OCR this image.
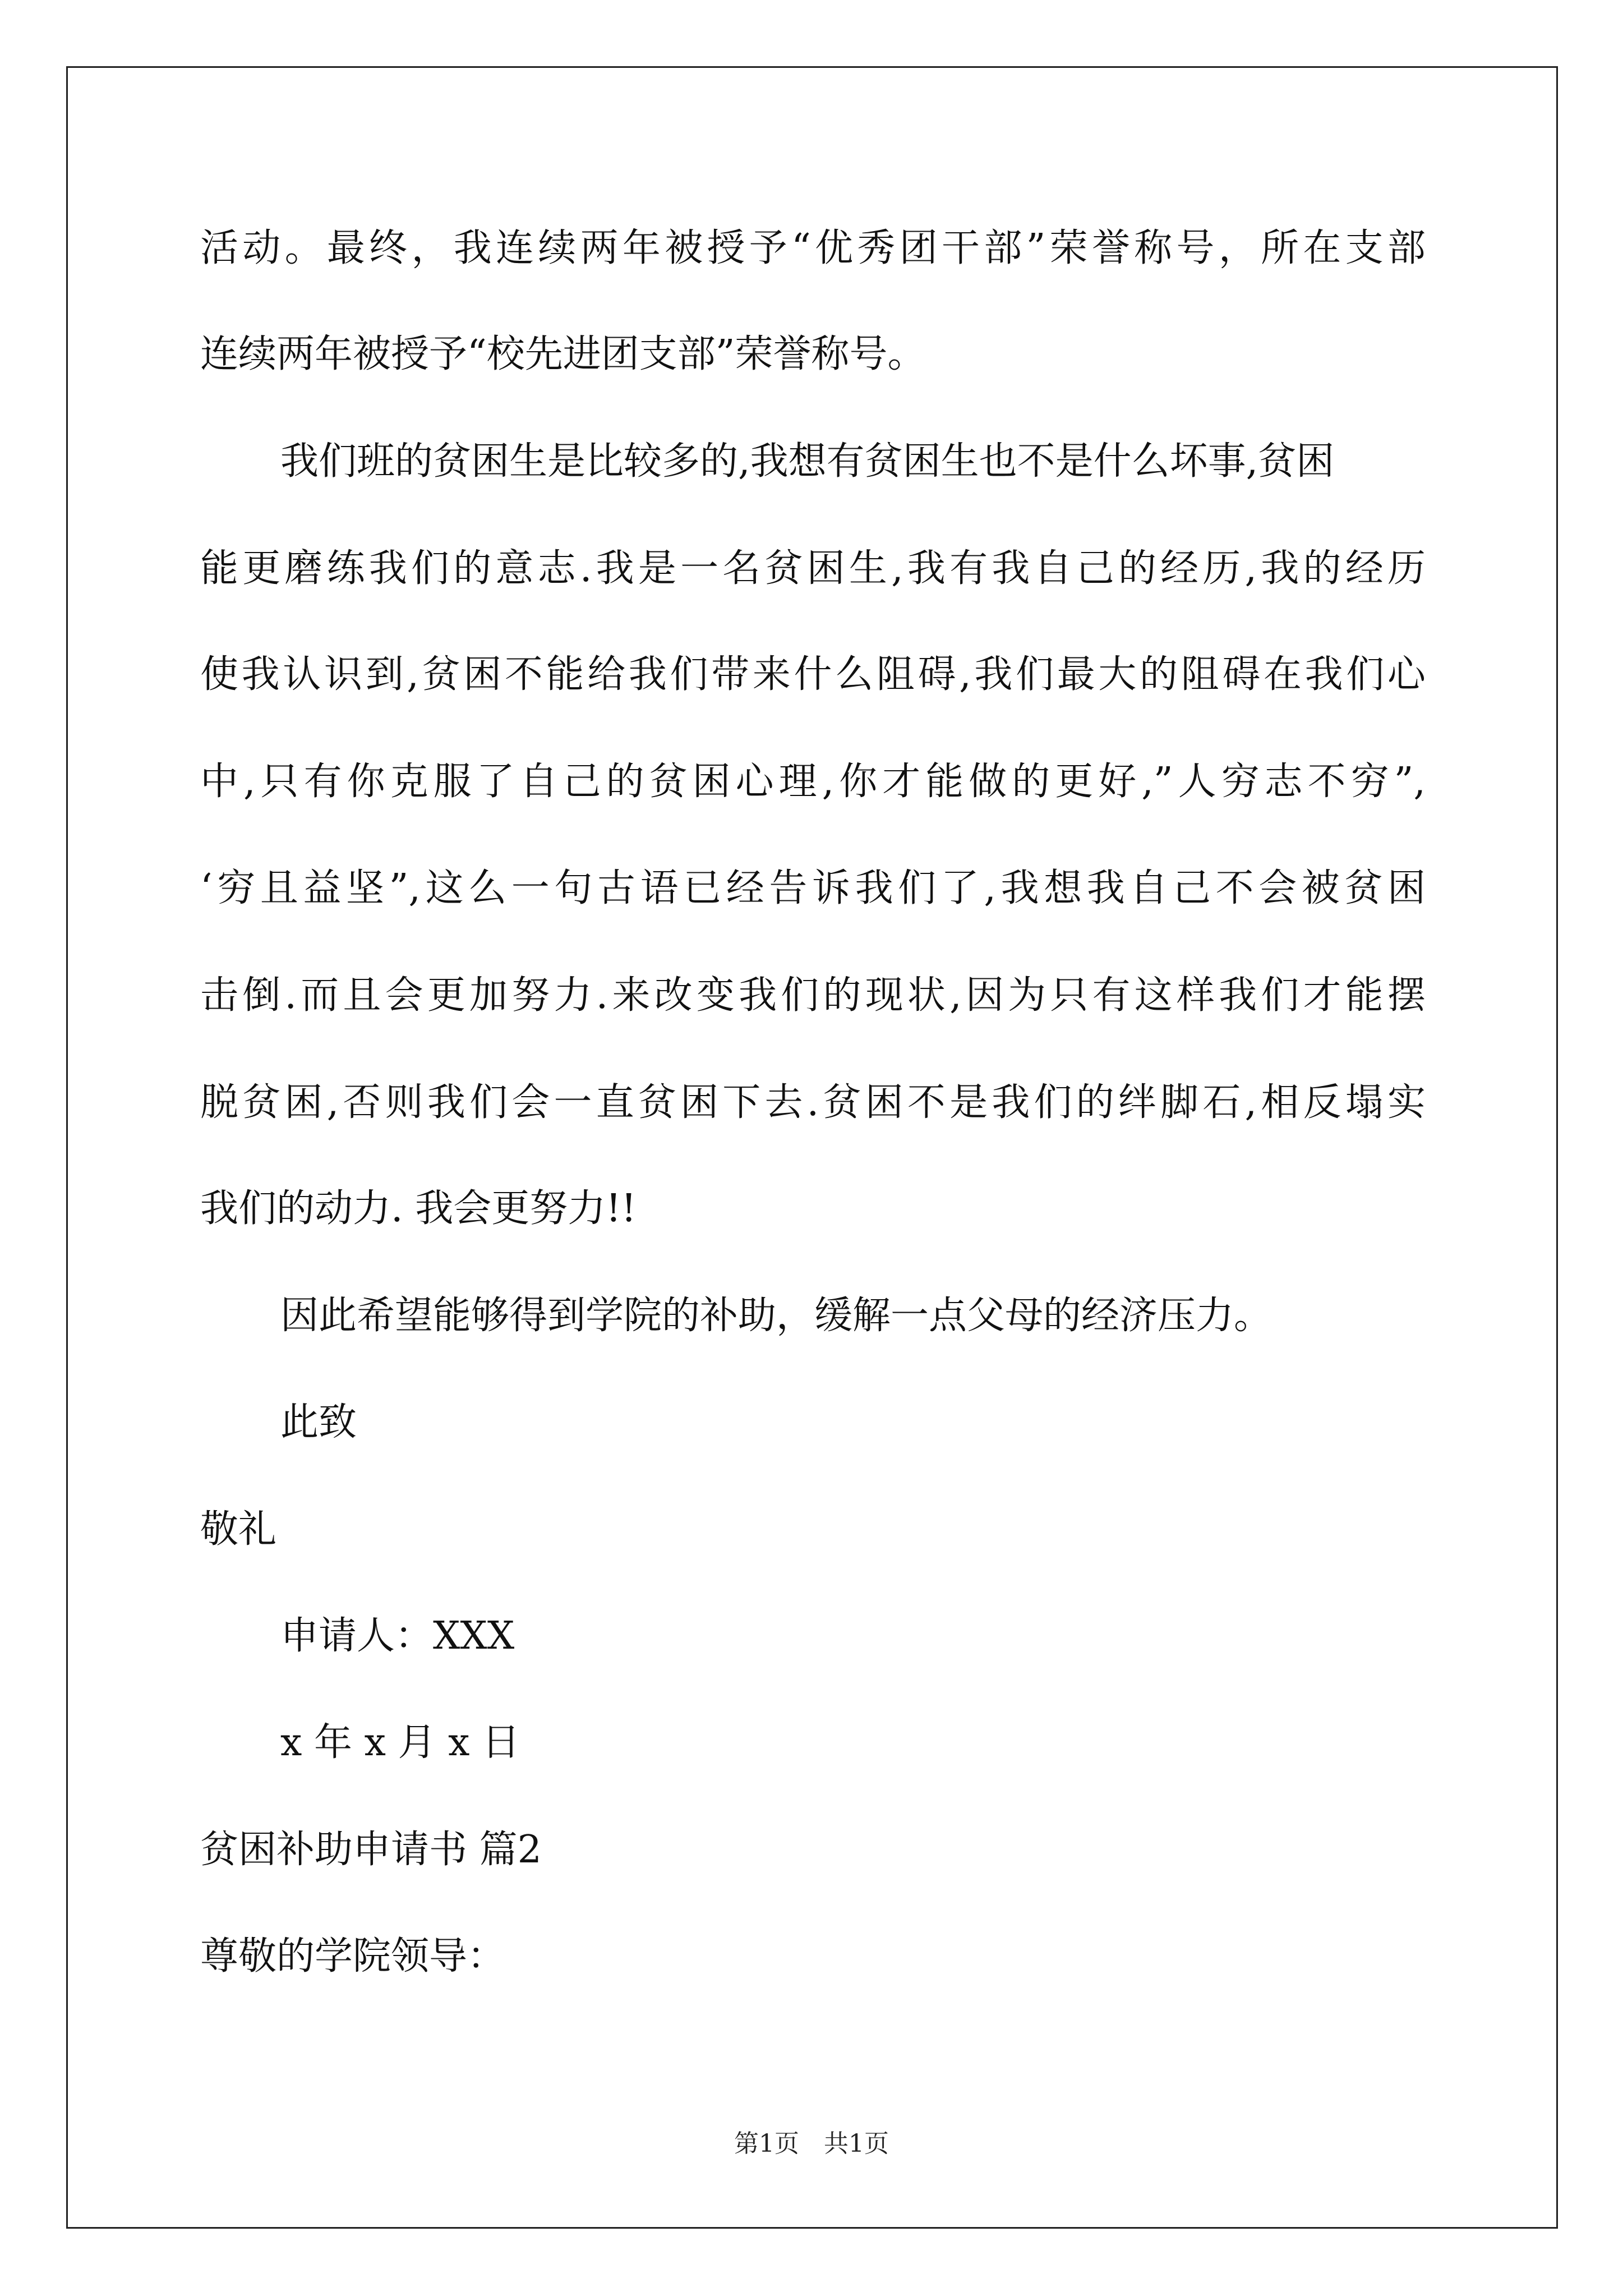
活动。最终，我连续两年被授予“优秀团干部”荣誉称号，所在支部

连续两年被授予“校先进团支部”荣誉称号。

我们班的贫困生是比较多的,我想有贫困生也不是什么坏事,贫困

能更磨练我们的意志.我是一名贫困生,我有我自己的经历,我的经历

使我认识到,贫困不能给我们带来什么阻碍,我们最大的阻碍在我们心

中,只有你克服了自己的贫困心理,你才能做的更好,”人穷志不穷”,

‘穷且益坚”,这么一句古语已经告诉我们了,我想我自己不会被贫困

击倒.而且会更加努力.来改变我们的现状,因为只有这样我们才能摆

脱贫困,否则我们会一直贫困下去.贫困不是我们的绊脚石,相反塌实

我们的动力. 我会更努力!!

因此希望能够得到学院的补助，缓解一点父母的经济压力。

此致

敬礼

申请人：XXX

x 年 x 月 x 日

贫困补助申请书 篇2

尊敬的学院领导：

第1页　共1页
